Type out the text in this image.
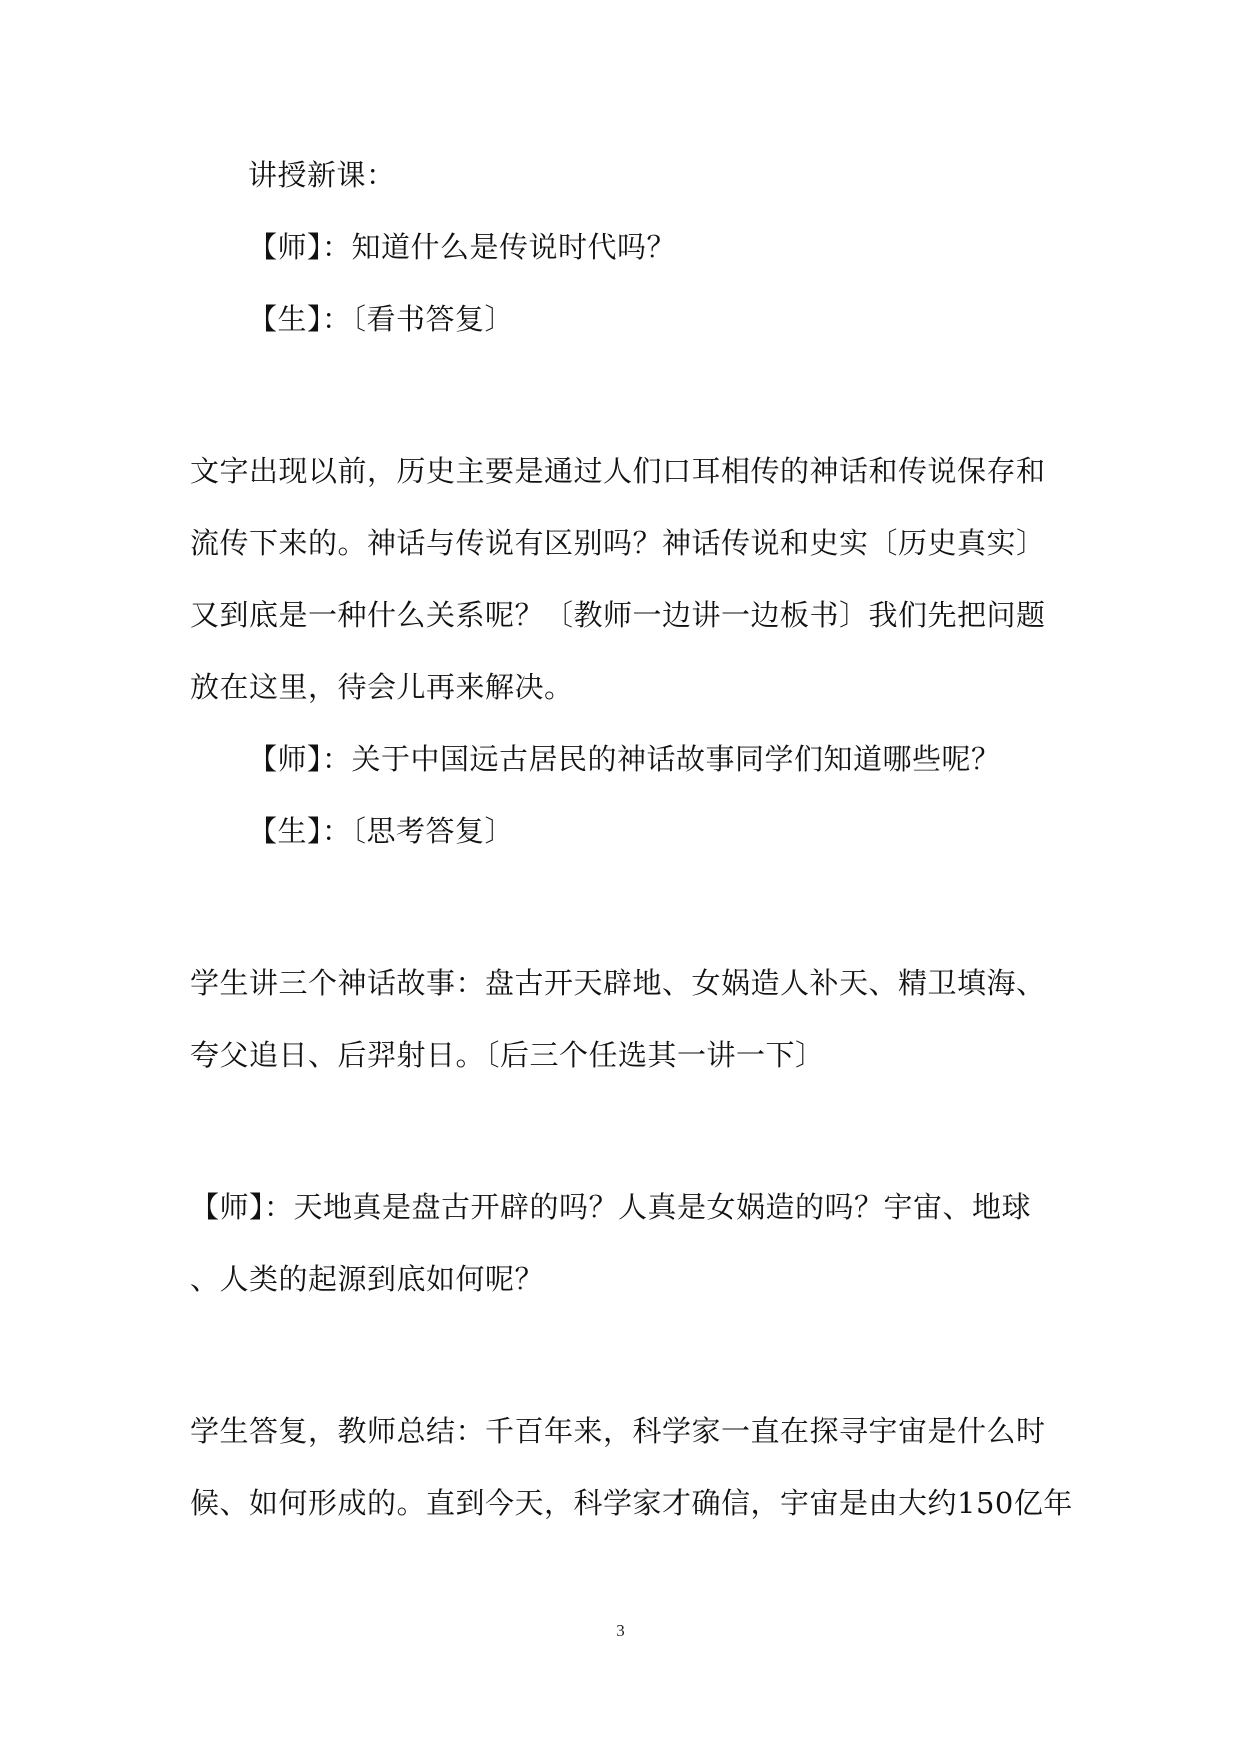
讲授新课：
【师】：知道什么是传说时代吗？
【生】：〔看书答复〕
文字出现以前，历史主要是通过人们口耳相传的神话和传说保存和
流传下来的。神话与传说有区别吗？神话传说和史实〔历史真实〕
又到底是一种什么关系呢？〔教师一边讲一边板书〕我们先把问题
放在这里，待会儿再来解决。
【师】：关于中国远古居民的神话故事同学们知道哪些呢？
【生】：〔思考答复〕
学生讲三个神话故事：盘古开天辟地、女娲造人补天、精卫填海、
夸父追日、后羿射日。〔后三个任选其一讲一下〕
【师】：天地真是盘古开辟的吗？人真是女娲造的吗？宇宙、地球
、人类的起源到底如何呢？
学生答复，教师总结：千百年来，科学家一直在探寻宇宙是什么时
候、如何形成的。直到今天，科学家才确信，宇宙是由大约150亿年
3
